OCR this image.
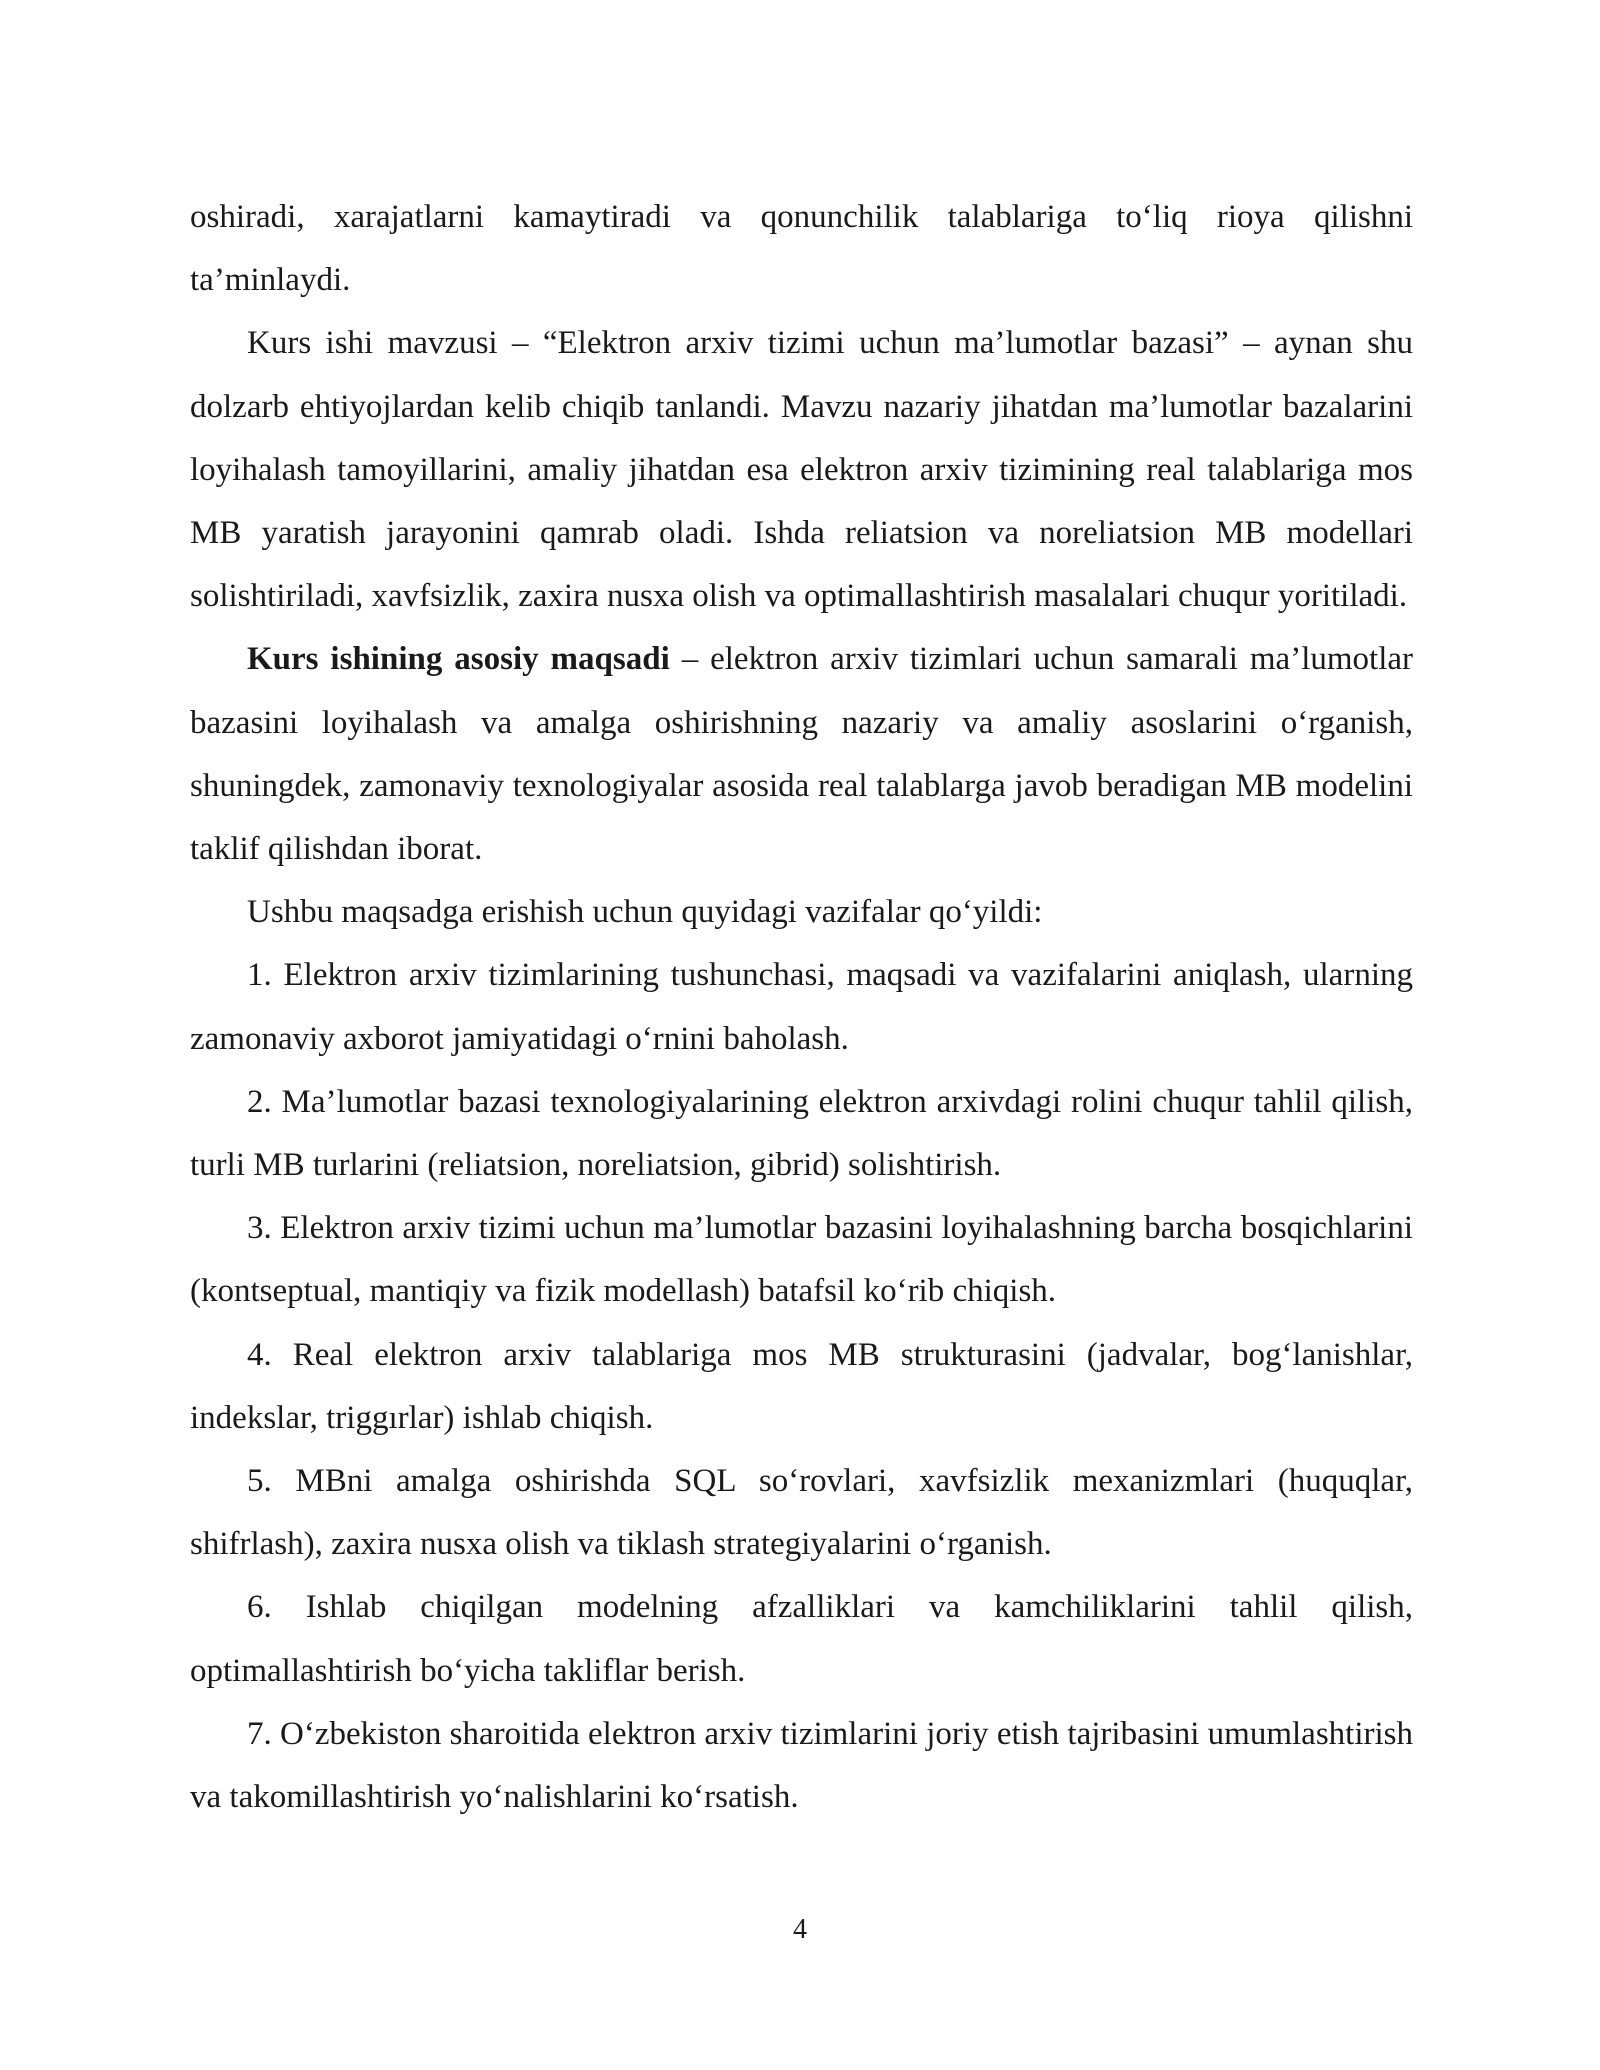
oshiradi, xarajatlarni kamaytiradi va qonunchilik talablariga to‘liq rioya qilishni ta’minlaydi.

Kurs ishi mavzusi – “Elektron arxiv tizimi uchun ma’lumotlar bazasi” – aynan shu dolzarb ehtiyojlardan kelib chiqib tanlandi. Mavzu nazariy jihatdan ma’lumotlar bazalarini loyihalash tamoyillarini, amaliy jihatdan esa elektron arxiv tizimining real talablariga mos MB yaratish jarayonini qamrab oladi. Ishda reliatsion va noreliatsion MB modellari solishtiriladi, xavfsizlik, zaxira nusxa olish va optimallashtirish masalalari chuqur yoritiladi.

Kurs ishining asosiy maqsadi – elektron arxiv tizimlari uchun samarali ma’lumotlar bazasini loyihalash va amalga oshirishning nazariy va amaliy asoslarini o‘rganish, shuningdek, zamonaviy texnologiyalar asosida real talablarga javob beradigan MB modelini taklif qilishdan iborat.

Ushbu maqsadga erishish uchun quyidagi vazifalar qo‘yildi:

1. Elektron arxiv tizimlarining tushunchasi, maqsadi va vazifalarini aniqlash, ularning zamonaviy axborot jamiyatidagi o‘rnini baholash.

2. Ma’lumotlar bazasi texnologiyalarining elektron arxivdagi rolini chuqur tahlil qilish, turli MB turlarini (reliatsion, noreliatsion, gibrid) solishtirish.

3. Elektron arxiv tizimi uchun ma’lumotlar bazasini loyihalashning barcha bosqichlarini (kontseptual, mantiqiy va fizik modellash) batafsil ko‘rib chiqish.

4. Real elektron arxiv talablariga mos MB strukturasini (jadvalar, bog‘lanishlar, indekslar, triggırlar) ishlab chiqish.

5. MBni amalga oshirishda SQL so‘rovlari, xavfsizlik mexanizmlari (huquqlar, shifrlash), zaxira nusxa olish va tiklash strategiyalarini o‘rganish.

6. Ishlab chiqilgan modelning afzalliklari va kamchiliklarini tahlil qilish, optimallashtirish bo‘yicha takliflar berish.

7. O‘zbekiston sharoitida elektron arxiv tizimlarini joriy etish tajribasini umumlashtirish va takomillashtirish yo‘nalishlarini ko‘rsatish.

4
